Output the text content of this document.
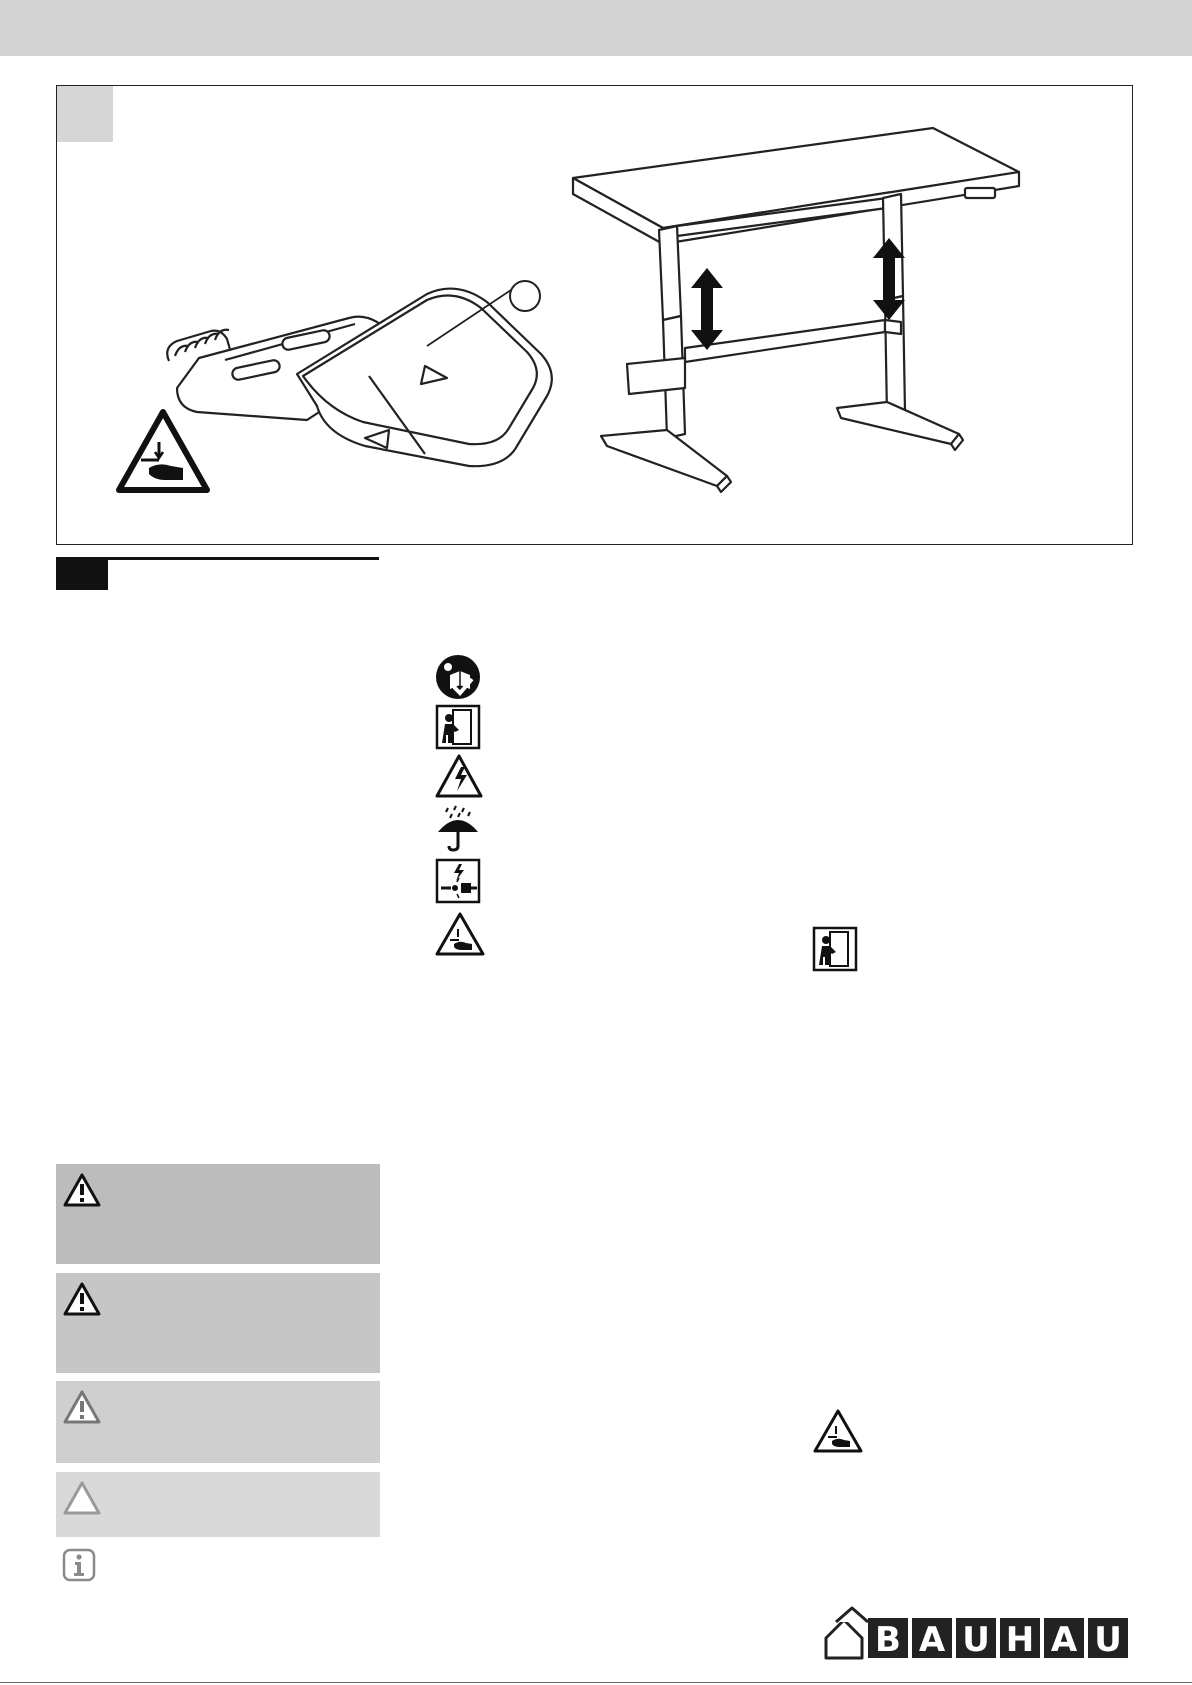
B A U H A U
